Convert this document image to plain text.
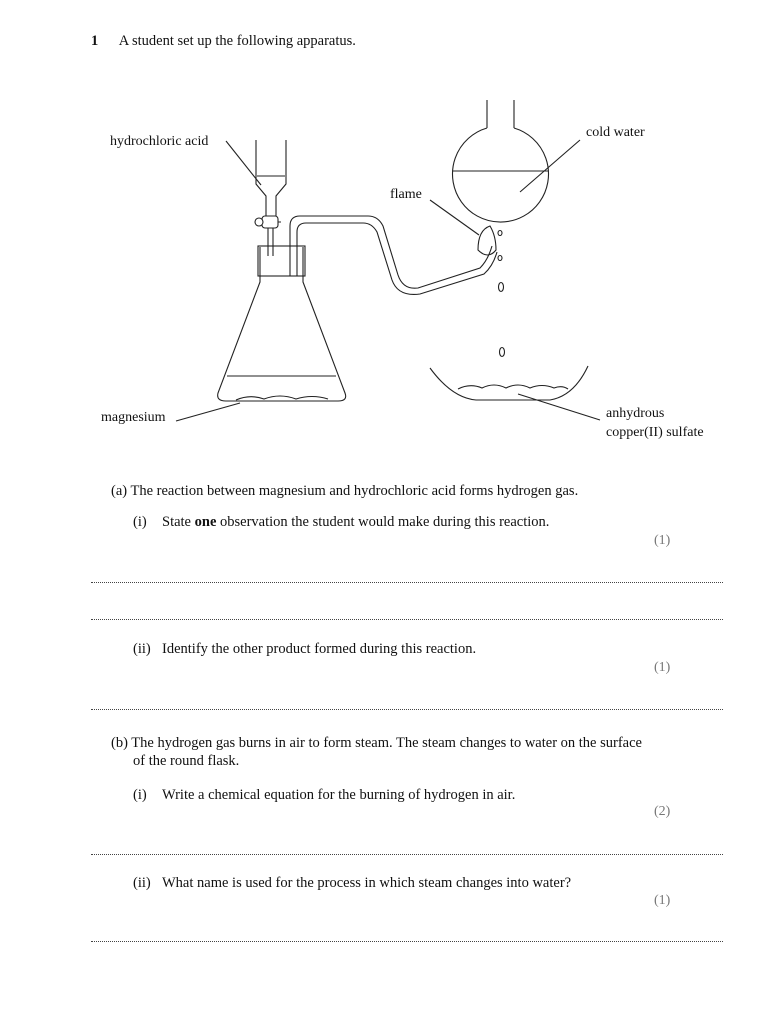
1 A student set up the following apparatus.
hydrochloric acid
cold water
flame
magnesium	anhydrous
copper(II) sulfate
(a) The reaction between magnesium and hydrochloric acid forms hydrogen gas.
(i) State one observation the student would make during this reaction.
(1)
(ii) Identify the other product formed during this reaction.
(1)
(b) The hydrogen gas burns in air to form steam. The steam changes to water on the surface
of the round flask.
(i) Write a chemical equation for the burning of hydrogen in air.
(2)
(ii) What name is used for the process in which steam changes into water?
(1)
